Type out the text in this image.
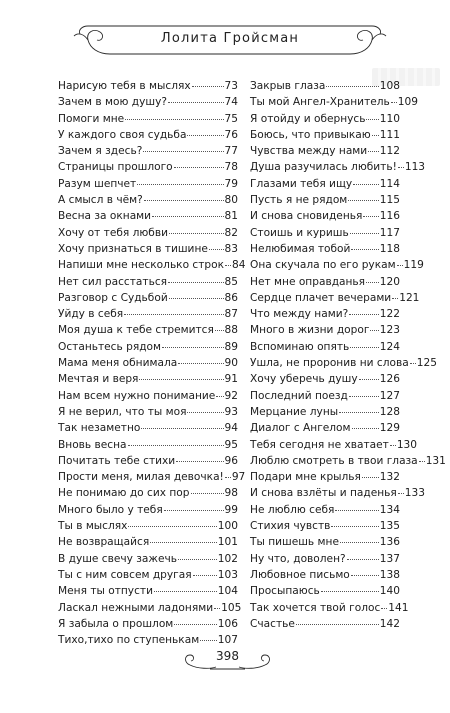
Лолита Гройсман
Нарисую тебя в мыслях	73
Зачем в мою душу?	74
Помоги мне	75
У каждого своя судьба	76
Зачем я здесь?	77
Страницы прошлого	78
Разум шепчет	79
А смысл в чём?	80
Весна за окнами	81
Хочу от тебя любви	82
Хочу признаться в тишине 83
Напиши мне несколько строк 84
Нет сил расстаться	85
Разговор с Судьбой	86
Уйду в себя	87
Моя душа к тебе стремится 88
Останьтесь рядом	89
Мама меня обнимала	90
Мечтая и веря	91
Нам всем нужно понимание 92
Я не верил, что ты моя	93
Так незаметно	94
Вновь весна	95
Почитать тебе стихи	96
Прости меня, милая девочка! 97
Не понимаю до сих пор	98
Много было у тебя	99
Ты в мыслях	100
Не возвращайся	101
В душе свечу зажечь	102
Ты с ним совсем другая 103
Меня ты отпусти	104
Ласкал нежными ладонями 105
Я забыла о прошлом	106
Тихо,тихо по ступенькам 107
Закрыв глаза	108
Ты мой Ангел-Хранитель 109
Я отойду и обернусь 110
Боюсь, что привыкаю 111
Чувства между нами 112
Душа разучилась любить! 113
Глазами тебя ищу	114
Пусть я не рядом	115
И снова сновиденья 116
Стоишь и куришь	117
Нелюбимая тобой	118
Она скучала по его рукам 119
Нет мне оправданья 120
Сердце плачет вечерами 121
Что между нами?	122
Много в жизни дорог 123
Вспоминаю опять	124
Ушла, не проронив ни слова 125
Хочу уберечь душу 126
Последний поезд	127
Мерцание луны	128
Диалог с Ангелом	129
Тебя сегодня не хватает 130
Люблю смотреть в твои глаза 131
Подари мне крылья 132
И снова взлёты и паденья 133
Не люблю себя	134
Стихия чувств	135
Ты пишешь мне	136
Ну что, доволен?	137
Любовное письмо	138
Просыпаюсь	140
Так хочется твой голос 141
Счастье	142
398
